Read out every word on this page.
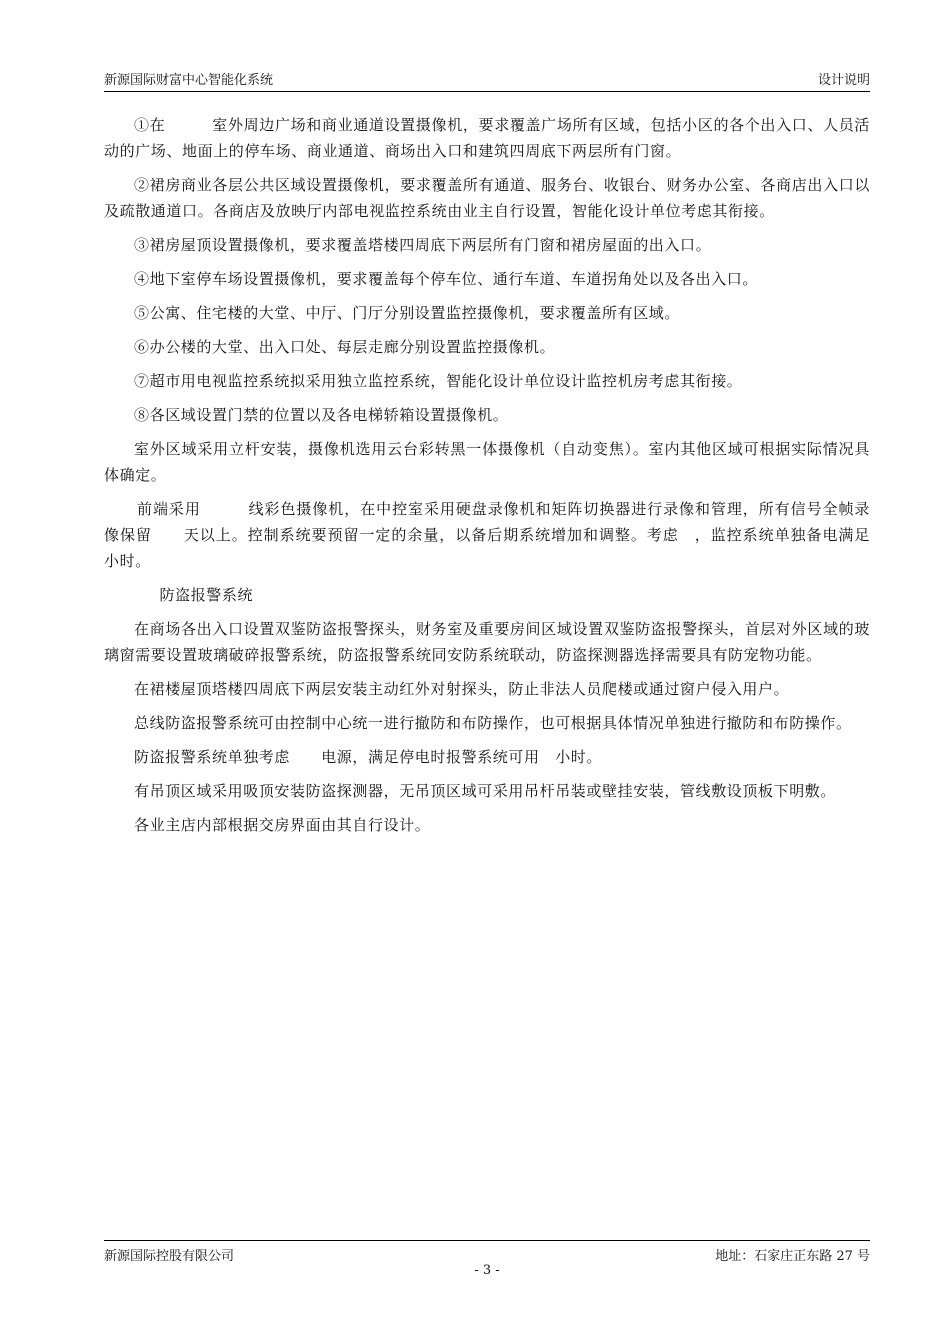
新源国际财富中心智能化系统	设计说明

①在　　　室外周边广场和商业通道设置摄像机，要求覆盖广场所有区域，包括小区的各个出入口、人员活动的广场、地面上的停车场、商业通道、商场出入口和建筑四周底下两层所有门窗。

②裙房商业各层公共区域设置摄像机，要求覆盖所有通道、服务台、收银台、财务办公室、各商店出入口以及疏散通道口。各商店及放映厅内部电视监控系统由业主自行设置，智能化设计单位考虑其衔接。

③裙房屋顶设置摄像机，要求覆盖塔楼四周底下两层所有门窗和裙房屋面的出入口。

④地下室停车场设置摄像机，要求覆盖每个停车位、通行车道、车道拐角处以及各出入口。

⑤公寓、住宅楼的大堂、中厅、门厅分别设置监控摄像机，要求覆盖所有区域。

⑥办公楼的大堂、出入口处、每层走廊分别设置监控摄像机。

⑦超市用电视监控系统拟采用独立监控系统，智能化设计单位设计监控机房考虑其衔接。

⑧各区域设置门禁的位置以及各电梯轿箱设置摄像机。

室外区域采用立杆安装，摄像机选用云台彩转黑一体摄像机（自动变焦）。室内其他区域可根据实际情况具体确定。

前端采用　　　线彩色摄像机，在中控室采用硬盘录像机和矩阵切换器进行录像和管理，所有信号全帧录像保留　　天以上。控制系统要预留一定的余量，以备后期系统增加和调整。考虑　，监控系统单独备电满足　小时。

防盗报警系统

在商场各出入口设置双鉴防盗报警探头，财务室及重要房间区域设置双鉴防盗报警探头，首层对外区域的玻璃窗需要设置玻璃破碎报警系统，防盗报警系统同安防系统联动，防盗探测器选择需要具有防宠物功能。

在裙楼屋顶塔楼四周底下两层安装主动红外对射探头，防止非法人员爬楼或通过窗户侵入用户。

总线防盗报警系统可由控制中心统一进行撤防和布防操作，也可根据具体情况单独进行撤防和布防操作。

防盗报警系统单独考虑　　电源，满足停电时报警系统可用　小时。

有吊顶区域采用吸顶安装防盗探测器，无吊顶区域可采用吊杆吊装或壁挂安装，管线敷设顶板下明敷。

各业主店内部根据交房界面由其自行设计。

新源国际控股有限公司	地址：石家庄正东路 27 号
- 3 -
